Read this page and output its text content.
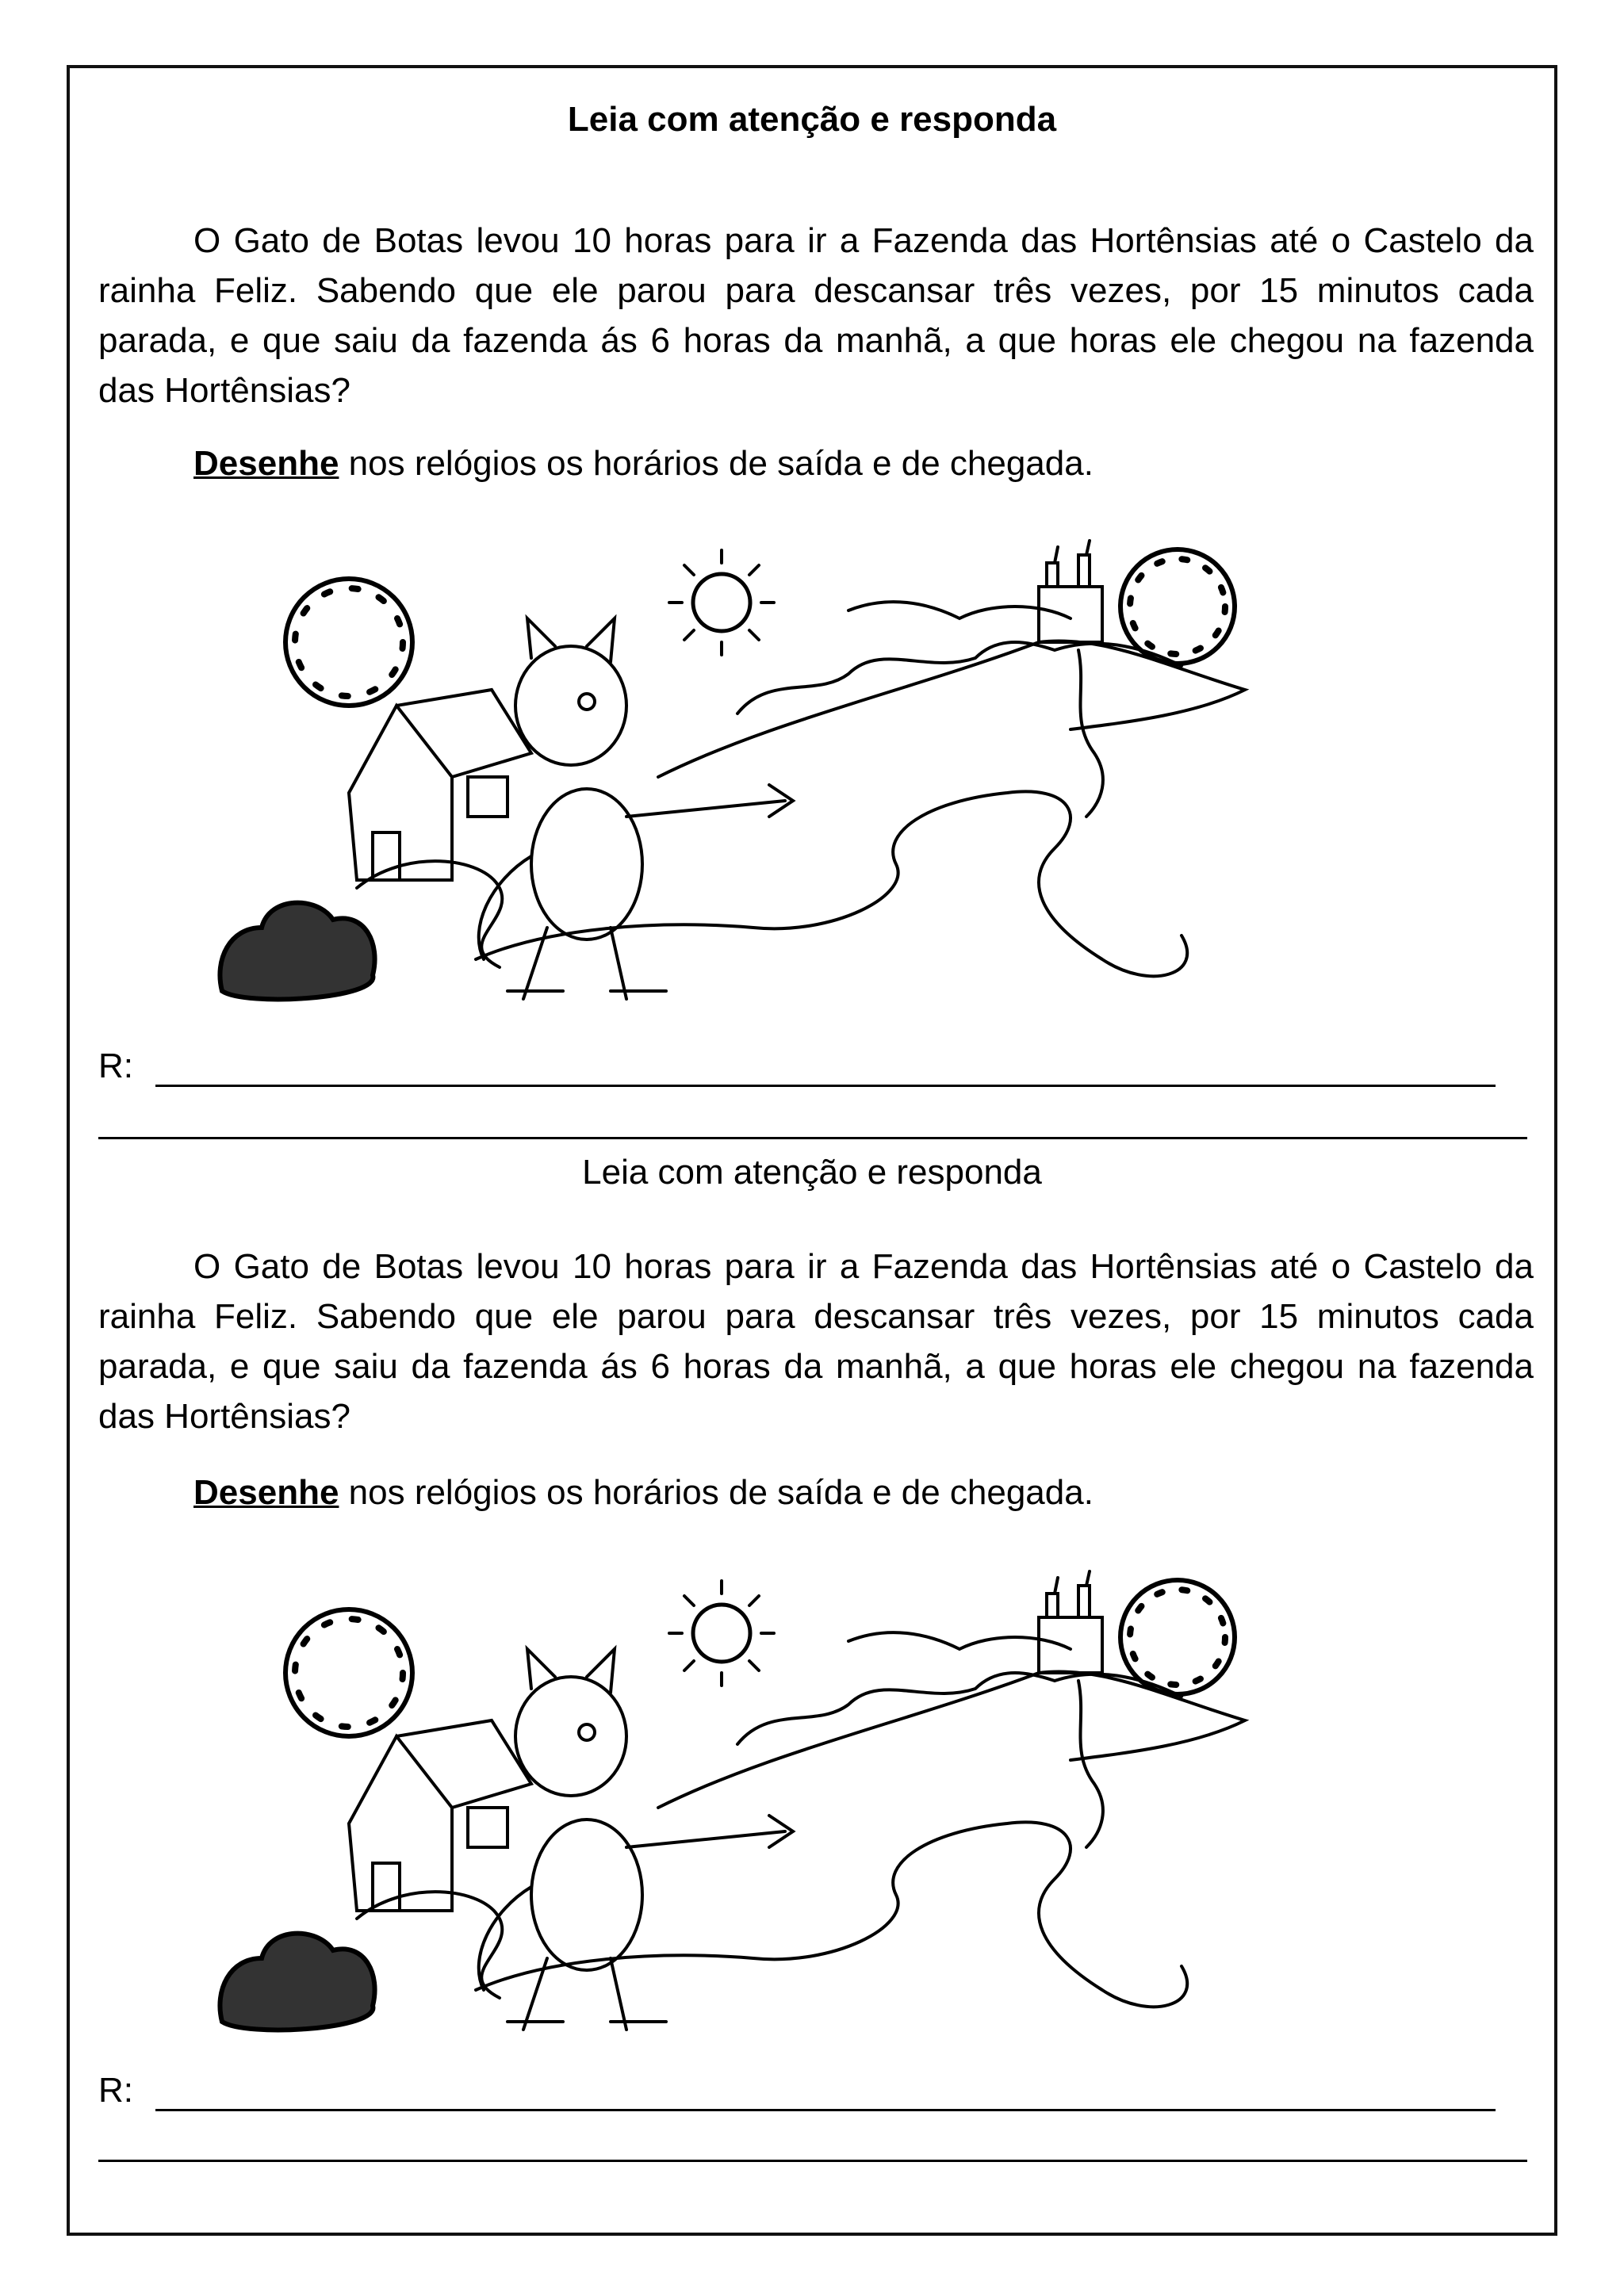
Leia com atenção e responda
O Gato de Botas levou 10 horas para ir a Fazenda das Hortênsias até o Castelo da rainha Feliz. Sabendo que ele parou para descansar três vezes, por 15 minutos cada parada, e que saiu da fazenda ás 6 horas da manhã, a que horas ele chegou na fazenda das Hortênsias?
Desenhe nos relógios os horários de saída e de chegada.
R:
Leia com atenção e responda
O Gato de Botas levou 10 horas para ir a Fazenda das Hortênsias até o Castelo da rainha Feliz. Sabendo que ele parou para descansar três vezes, por 15 minutos cada parada, e que saiu da fazenda ás 6 horas da manhã, a que horas ele chegou na fazenda das Hortênsias?
Desenhe nos relógios os horários de saída e de chegada.
R:
